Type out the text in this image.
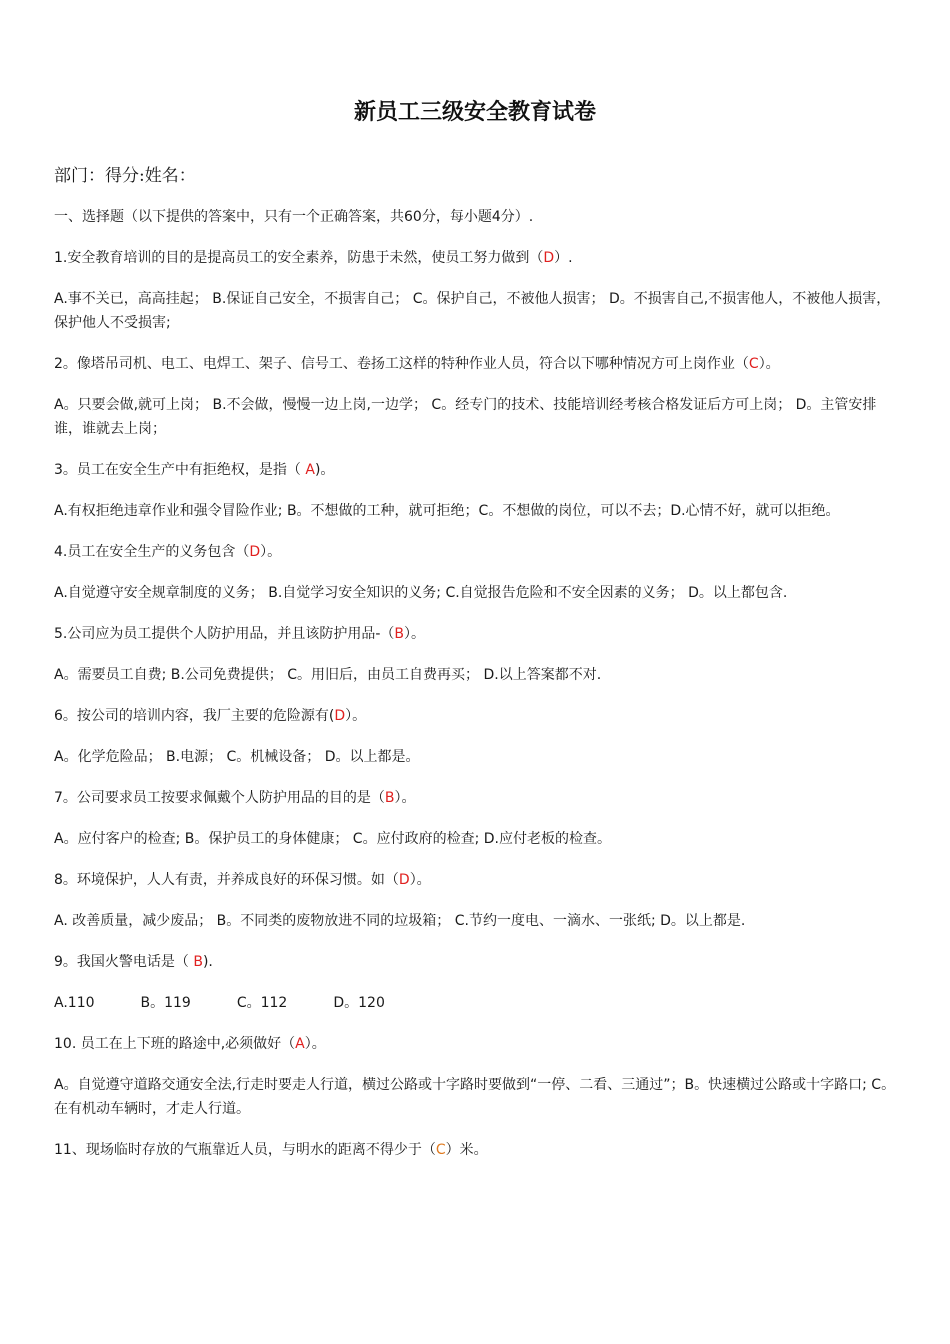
新员工三级安全教育试卷

部门：得分:姓名：

一、选择题（以下提供的答案中，只有一个正确答案，共60分，每小题4分）.

1.安全教育培训的目的是提高员工的安全素养，防患于未然，使员工努力做到（D）.

A.事不关已，高高挂起； B.保证自己安全，不损害自己； C。保护自己，不被他人损害； D。不损害自己,不损害他人，不被他人损害，保护他人不受损害;

2。像塔吊司机、电工、电焊工、架子、信号工、卷扬工这样的特种作业人员，符合以下哪种情况方可上岗作业（C）。

A。只要会做,就可上岗； B.不会做，慢慢一边上岗,一边学； C。经专门的技术、技能培训经考核合格发证后方可上岗； D。主管安排谁，谁就去上岗；

3。员工在安全生产中有拒绝权，是指（ A)。

A.有权拒绝违章作业和强令冒险作业; B。不想做的工种，就可拒绝；C。不想做的岗位，可以不去；D.心情不好，就可以拒绝。

4.员工在安全生产的义务包含（D）。

A.自觉遵守安全规章制度的义务； B.自觉学习安全知识的义务; C.自觉报告危险和不安全因素的义务； D。以上都包含.

5.公司应为员工提供个人防护用品，并且该防护用品-（B）。

A。需要员工自费; B.公司免费提供； C。用旧后，由员工自费再买； D.以上答案都不对.

6。按公司的培训内容，我厂主要的危险源有(D）。

A。化学危险品； B.电源； C。机械设备； D。以上都是。

7。公司要求员工按要求佩戴个人防护用品的目的是（B）。

A。应付客户的检查; B。保护员工的身体健康； C。应付政府的检查; D.应付老板的检查。

8。环境保护，人人有责，并养成良好的环保习惯。如（D）。

A. 改善质量，减少废品； B。不同类的废物放进不同的垃圾箱； C.节约一度电、一滴水、一张纸; D。以上都是.

9。我国火警电话是（ B).

A.110	B。119	C。112	D。120

10. 员工在上下班的路途中,必须做好（A）。

A。自觉遵守道路交通安全法,行走时要走人行道，横过公路或十字路时要做到“一停、二看、三通过”；B。快速横过公路或十字路口; C。在有机动车辆时，才走人行道。

11、现场临时存放的气瓶靠近人员，与明水的距离不得少于（C）米。
